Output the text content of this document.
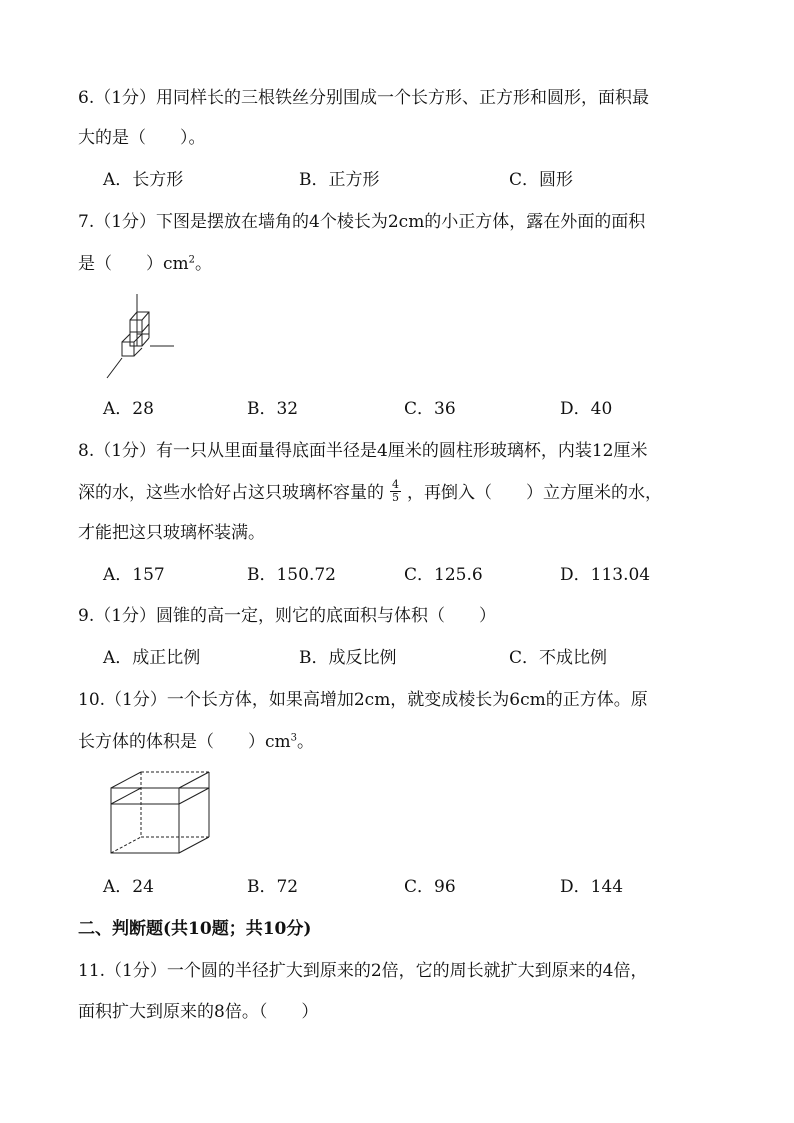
6.（1分）用同样长的三根铁丝分别围成一个长方形、正方形和圆形，面积最
大的是（　　）。
A．长方形	B．正方形	C．圆形
7.（1分）下图是摆放在墙角的4个棱长为2cm的小正方体，露在外面的面积
是（　　）$cm^2$。
A．28	B．32	C．36	D．40
8.（1分）有一只从里面量得底面半径是4厘米的圆柱形玻璃杯，内装12厘米
深的水，这些水恰好占这只玻璃杯容量的 $\frac{4}{5}$ ，再倒入（　　）立方厘米的水，
才能把这只玻璃杯装满。
A．157	B．150.72	C．125.6	D．113.04
9.（1分）圆锥的高一定，则它的底面积与体积（　　）
A．成正比例	B．成反比例	C．不成比例
10.（1分）一个长方体，如果高增加2cm，就变成棱长为6cm的正方体。原
长方体的体积是（　　）$cm^3$。
A．24	B．72	C．96	D．144
二、判断题(共10题；共10分)
11.（1分）一个圆的半径扩大到原来的2倍，它的周长就扩大到原来的4倍，
面积扩大到原来的8倍。（　　）
